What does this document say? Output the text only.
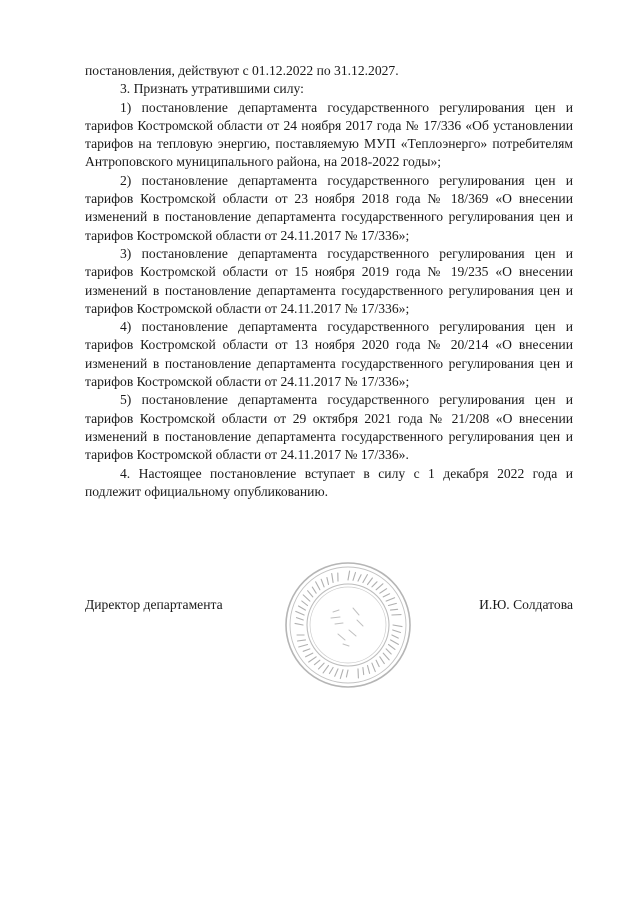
постановления, действуют с 01.12.2022 по 31.12.2027.

3. Признать утратившими силу:

1) постановление департамента государственного регулирования цен и тарифов Костромской области от 24 ноября 2017 года № 17/336 «Об установлении тарифов на тепловую энергию, поставляемую МУП «Теплоэнерго» потребителям Антроповского муниципального района, на 2018-2022 годы»;

2) постановление департамента государственного регулирования цен и тарифов Костромской области от 23 ноября 2018 года № 18/369 «О внесении изменений в постановление департамента государственного регулирования цен и тарифов Костромской области от 24.11.2017 № 17/336»;

3) постановление департамента государственного регулирования цен и тарифов Костромской области от 15 ноября 2019 года № 19/235 «О внесении изменений в постановление департамента государственного регулирования цен и тарифов Костромской области от 24.11.2017 № 17/336»;

4) постановление департамента государственного регулирования цен и тарифов Костромской области от 13 ноября 2020 года № 20/214 «О внесении изменений в постановление департамента государственного регулирования цен и тарифов Костромской области от 24.11.2017 № 17/336»;

5) постановление департамента государственного регулирования цен и тарифов Костромской области от 29 октября 2021 года № 21/208 «О внесении изменений в постановление департамента государственного регулирования цен и тарифов Костромской области от 24.11.2017 № 17/336».

4. Настоящее постановление вступает в силу с 1 декабря 2022 года и подлежит официальному опубликованию.

Директор департамента	И.Ю. Солдатова
